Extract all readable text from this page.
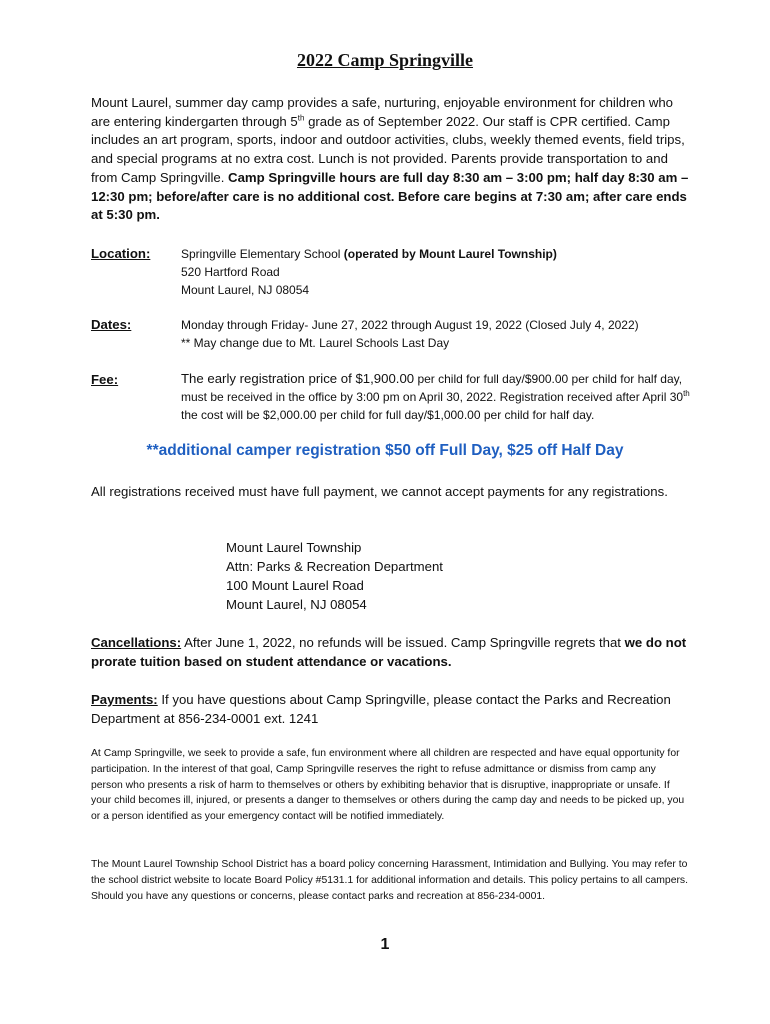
2022 Camp Springville

Mount Laurel, summer day camp provides a safe, nurturing, enjoyable environment for children who are entering kindergarten through 5th grade as of September 2022. Our staff is CPR certified. Camp includes an art program, sports, indoor and outdoor activities, clubs, weekly themed events, field trips, and special programs at no extra cost. Lunch is not provided. Parents provide transportation to and from Camp Springville. Camp Springville hours are full day 8:30 am – 3:00 pm; half day 8:30 am – 12:30 pm; before/after care is no additional cost. Before care begins at 7:30 am; after care ends at 5:30 pm.

Location:	Springville Elementary School (operated by Mount Laurel Township)
520 Hartford Road
Mount Laurel, NJ 08054
Dates:	Monday through Friday- June 27, 2022 through August 19, 2022 (Closed July 4, 2022)
** May change due to Mt. Laurel Schools Last Day
Fee:	The early registration price of $1,900.00 per child for full day/$900.00 per child for half day, must be received in the office by 3:00 pm on April 30, 2022. Registration received after April 30th the cost will be $2,000.00 per child for full day/$1,000.00 per child for half day.

**additional camper registration $50 off Full Day, $25 off Half Day

All registrations received must have full payment, we cannot accept payments for any registrations.

Mount Laurel Township
Attn: Parks & Recreation Department
100 Mount Laurel Road
Mount Laurel, NJ 08054

Cancellations: After June 1, 2022, no refunds will be issued. Camp Springville regrets that we do not prorate tuition based on student attendance or vacations.

Payments: If you have questions about Camp Springville, please contact the Parks and Recreation Department at 856-234-0001 ext. 1241

At Camp Springville, we seek to provide a safe, fun environment where all children are respected and have equal opportunity for participation. In the interest of that goal, Camp Springville reserves the right to refuse admittance or dismiss from camp any person who presents a risk of harm to themselves or others by exhibiting behavior that is disruptive, inappropriate or unsafe. If your child becomes ill, injured, or presents a danger to themselves or others during the camp day and needs to be picked up, you or a person identified as your emergency contact will be notified immediately.

The Mount Laurel Township School District has a board policy concerning Harassment, Intimidation and Bullying. You may refer to the school district website to locate Board Policy #5131.1 for additional information and details. This policy pertains to all campers. Should you have any questions or concerns, please contact parks and recreation at 856-234-0001.

1
